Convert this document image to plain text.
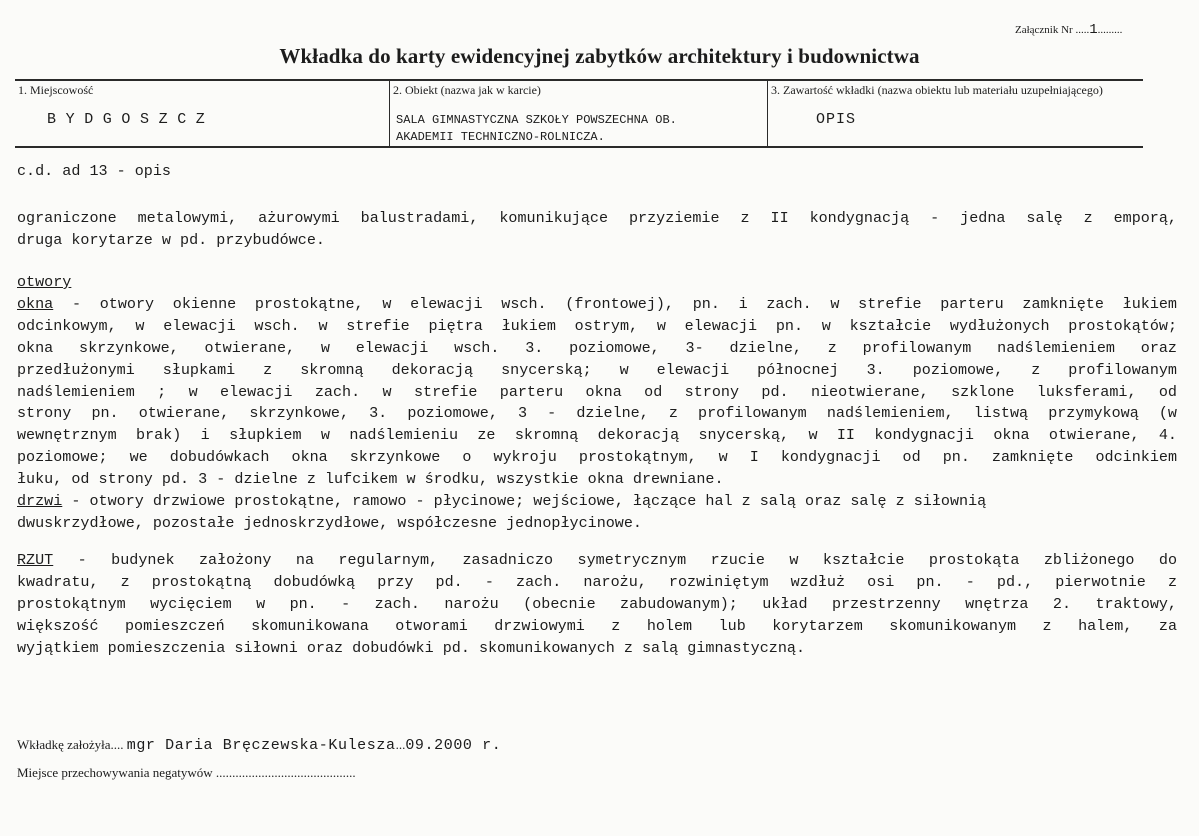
Załącznik Nr .....1.........
Wkładka do karty ewidencyjnej zabytków architektury i budownictwa
1. Miejscowość
BYDGOSZCZ
2. Obiekt (nazwa jak w karcie)
SALA GIMNASTYCZNA SZKOŁY POWSZECHNA OB.
AKADEMII TECHNICZNO-ROLNICZA.
3. Zawartość wkładki (nazwa obiektu lub materiału uzupełniającego)
OPIS
c.d. ad 13 - opis
ograniczone metalowymi, ażurowymi balustradami, komunikujące przyziemie z II kondygnacją - jedna salę z emporą,
druga korytarze w pd. przybudówce.
otwory
okna - otwory okienne prostokątne, w elewacji wsch. (frontowej), pn. i zach. w strefie parteru zamknięte łukiem
odcinkowym, w elewacji wsch. w strefie piętra łukiem ostrym, w elewacji pn. w kształcie wydłużonych prostokątów;
okna skrzynkowe, otwierane, w elewacji wsch. 3. poziomowe, 3- dzielne, z profilowanym nadślemieniem oraz
przedłużonymi słupkami z skromną dekoracją snycerską; w elewacji północnej 3. poziomowe, z profilowanym
nadślemieniem ; w elewacji zach. w strefie parteru okna od strony pd. nieotwierane, szklone luksferami, od
strony pn. otwierane, skrzynkowe, 3. poziomowe, 3 - dzielne, z profilowanym nadślemieniem, listwą przymykową (w
wewnętrznym brak) i słupkiem w nadślemieniu ze skromną dekoracją snycerską, w II kondygnacji okna otwierane, 4.
poziomowe; we dobudówkach okna skrzynkowe o wykroju prostokątnym, w I kondygnacji od pn. zamknięte odcinkiem
łuku, od strony pd. 3 - dzielne z lufcikem w środku, wszystkie okna drewniane.
drzwi - otwory drzwiowe prostokątne, ramowo - płycinowe; wejściowe, łączące hal z salą oraz salę z siłownią
dwuskrzydłowe, pozostałe jednoskrzydłowe, współczesne jednopłycinowe.
RZUT - budynek założony na regularnym, zasadniczo symetrycznym rzucie w kształcie prostokąta zbliżonego do
kwadratu, z prostokątną dobudówką przy pd. - zach. narożu, rozwiniętym wzdłuż osi pn. - pd., pierwotnie z
prostokątnym wycięciem w pn. - zach. narożu (obecnie zabudowanym); układ przestrzenny wnętrza 2. traktowy,
większość pomieszczeń skomunikowana otworami drzwiowymi z holem lub korytarzem skomunikowanym z halem, za
wyjątkiem pomieszczenia siłowni oraz dobudówki pd. skomunikowanych z salą gimnastyczną.
Wkładkę założyła.... mgr Daria Bręczewska-Kulesza...09.2000 r.
Miejsce przechowywania negatywów ...........................................
